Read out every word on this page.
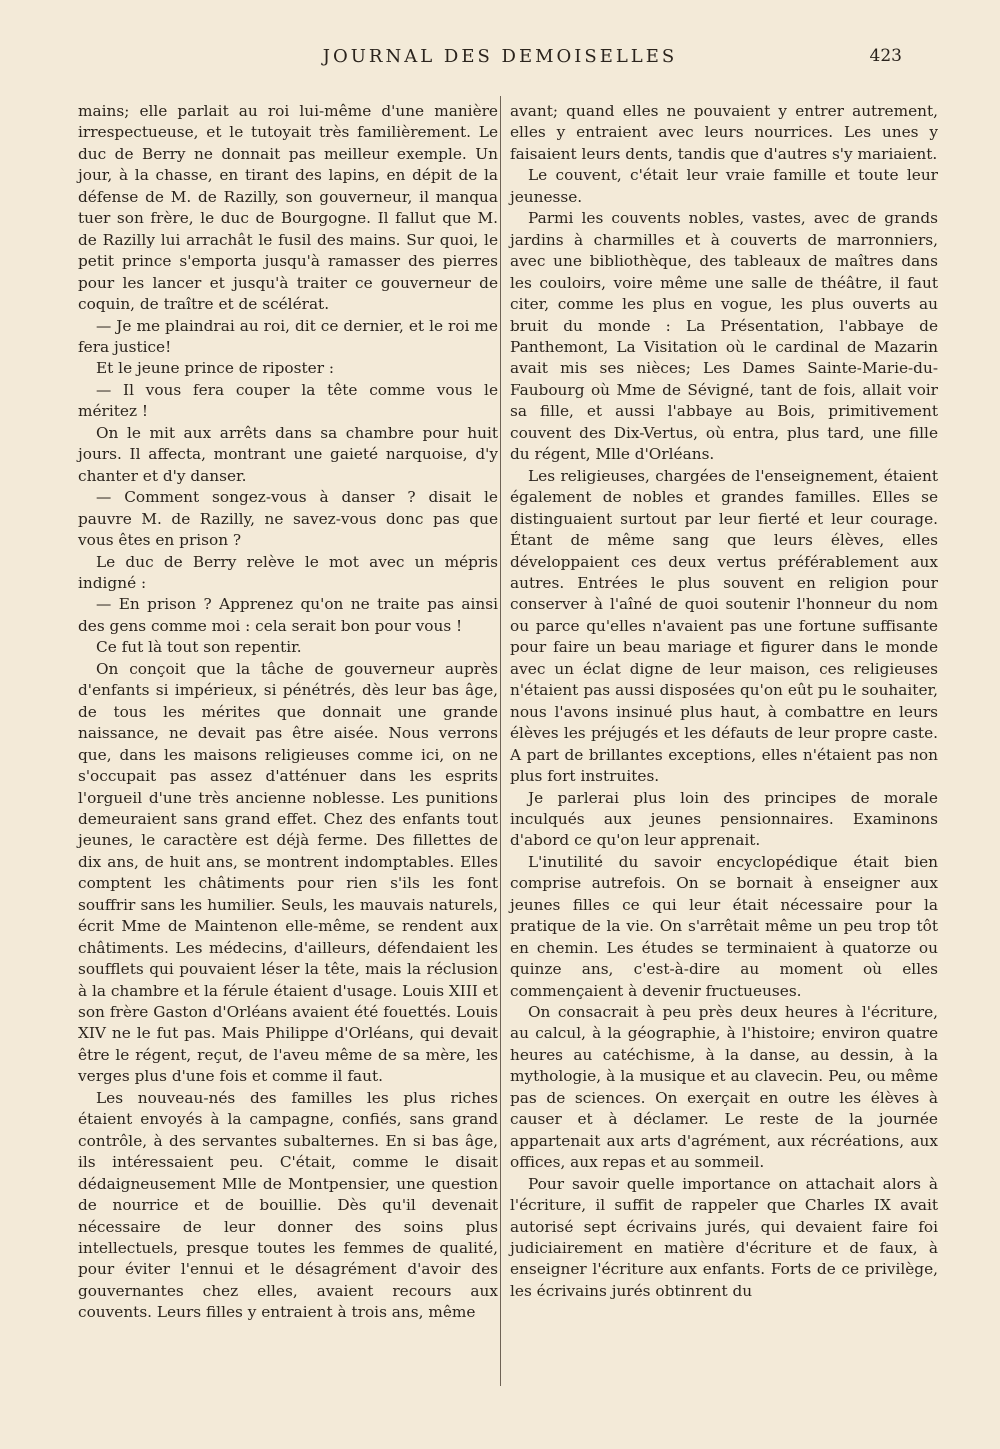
JOURNAL DES DEMOISELLES	423

mains; elle parlait au roi lui-même d'une manière irrespectueuse, et le tutoyait très familièrement. Le duc de Berry ne donnait pas meilleur exemple. Un jour, à la chasse, en tirant des lapins, en dépit de la défense de M. de Razilly, son gouverneur, il manqua tuer son frère, le duc de Bourgogne. Il fallut que M. de Razilly lui arrachât le fusil des mains. Sur quoi, le petit prince s'emporta jusqu'à ramasser des pierres pour les lancer et jusqu'à traiter ce gouverneur de coquin, de traître et de scélérat.

— Je me plaindrai au roi, dit ce dernier, et le roi me fera justice!

Et le jeune prince de riposter :

— Il vous fera couper la tête comme vous le méritez !

On le mit aux arrêts dans sa chambre pour huit jours. Il affecta, montrant une gaieté narquoise, d'y chanter et d'y danser.

— Comment songez-vous à danser ? disait le pauvre M. de Razilly, ne savez-vous donc pas que vous êtes en prison ?

Le duc de Berry relève le mot avec un mépris indigné :

— En prison ? Apprenez qu'on ne traite pas ainsi des gens comme moi : cela serait bon pour vous !

Ce fut là tout son repentir.

On conçoit que la tâche de gouverneur auprès d'enfants si impérieux, si pénétrés, dès leur bas âge, de tous les mérites que donnait une grande naissance, ne devait pas être aisée. Nous verrons que, dans les maisons religieuses comme ici, on ne s'occupait pas assez d'atténuer dans les esprits l'orgueil d'une très ancienne noblesse. Les punitions demeuraient sans grand effet. Chez des enfants tout jeunes, le caractère est déjà ferme. Des fillettes de dix ans, de huit ans, se montrent indomptables. Elles comptent les châtiments pour rien s'ils les font souffrir sans les humilier. Seuls, les mauvais naturels, écrit Mme de Maintenon elle-même, se rendent aux châtiments. Les médecins, d'ailleurs, défendaient les soufflets qui pouvaient léser la tête, mais la réclusion à la chambre et la férule étaient d'usage. Louis XIII et son frère Gaston d'Orléans avaient été fouettés. Louis XIV ne le fut pas. Mais Philippe d'Orléans, qui devait être le régent, reçut, de l'aveu même de sa mère, les verges plus d'une fois et comme il faut.

Les nouveau-nés des familles les plus riches étaient envoyés à la campagne, confiés, sans grand contrôle, à des servantes subalternes. En si bas âge, ils intéressaient peu. C'était, comme le disait dédaigneusement Mlle de Montpensier, une question de nourrice et de bouillie. Dès qu'il devenait nécessaire de leur donner des soins plus intellectuels, presque toutes les femmes de qualité, pour éviter l'ennui et le désagrément d'avoir des gouvernantes chez elles, avaient recours aux couvents. Leurs filles y entraient à trois ans, même

avant; quand elles ne pouvaient y entrer autrement, elles y entraient avec leurs nourrices. Les unes y faisaient leurs dents, tandis que d'autres s'y mariaient.

Le couvent, c'était leur vraie famille et toute leur jeunesse.

Parmi les couvents nobles, vastes, avec de grands jardins à charmilles et à couverts de marronniers, avec une bibliothèque, des tableaux de maîtres dans les couloirs, voire même une salle de théâtre, il faut citer, comme les plus en vogue, les plus ouverts au bruit du monde : La Présentation, l'abbaye de Panthemont, La Visitation où le cardinal de Mazarin avait mis ses nièces; Les Dames Sainte-Marie-du-Faubourg où Mme de Sévigné, tant de fois, allait voir sa fille, et aussi l'abbaye au Bois, primitivement couvent des Dix-Vertus, où entra, plus tard, une fille du régent, Mlle d'Orléans.

Les religieuses, chargées de l'enseignement, étaient également de nobles et grandes familles. Elles se distinguaient surtout par leur fierté et leur courage. Étant de même sang que leurs élèves, elles développaient ces deux vertus préférablement aux autres. Entrées le plus souvent en religion pour conserver à l'aîné de quoi soutenir l'honneur du nom ou parce qu'elles n'avaient pas une fortune suffisante pour faire un beau mariage et figurer dans le monde avec un éclat digne de leur maison, ces religieuses n'étaient pas aussi disposées qu'on eût pu le souhaiter, nous l'avons insinué plus haut, à combattre en leurs élèves les préjugés et les défauts de leur propre caste. A part de brillantes exceptions, elles n'étaient pas non plus fort instruites.

Je parlerai plus loin des principes de morale inculqués aux jeunes pensionnaires. Examinons d'abord ce qu'on leur apprenait.

L'inutilité du savoir encyclopédique était bien comprise autrefois. On se bornait à enseigner aux jeunes filles ce qui leur était nécessaire pour la pratique de la vie. On s'arrêtait même un peu trop tôt en chemin. Les études se terminaient à quatorze ou quinze ans, c'est-à-dire au moment où elles commençaient à devenir fructueuses.

On consacrait à peu près deux heures à l'écriture, au calcul, à la géographie, à l'histoire; environ quatre heures au catéchisme, à la danse, au dessin, à la mythologie, à la musique et au clavecin. Peu, ou même pas de sciences. On exerçait en outre les élèves à causer et à déclamer. Le reste de la journée appartenait aux arts d'agrément, aux récréations, aux offices, aux repas et au sommeil.

Pour savoir quelle importance on attachait alors à l'écriture, il suffit de rappeler que Charles IX avait autorisé sept écrivains jurés, qui devaient faire foi judiciairement en matière d'écriture et de faux, à enseigner l'écriture aux enfants. Forts de ce privilège, les écrivains jurés obtinrent du
